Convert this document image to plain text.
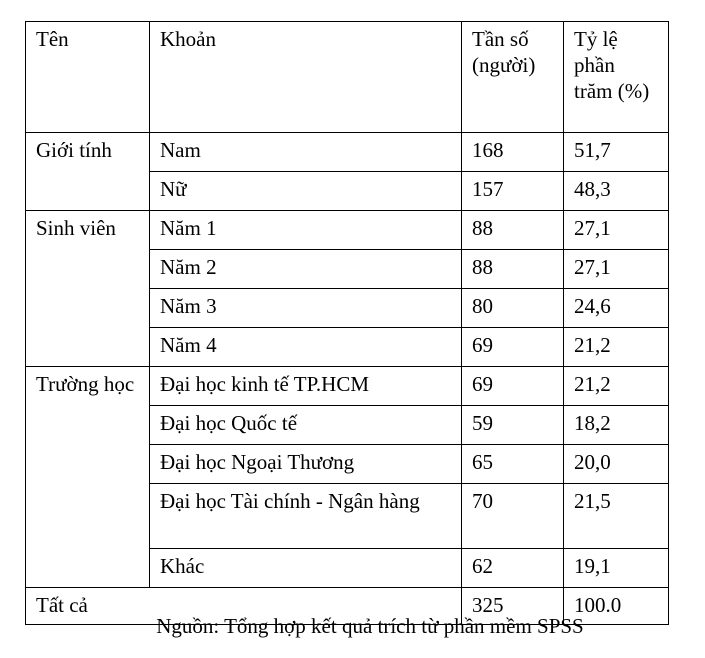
Tên	Khoản	Tần số (người)	Tỷ lệ phần trăm (%)
Giới tính	Nam	168	51,7
	Nữ	157	48,3
Sinh viên	Năm 1	88	27,1
	Năm 2	88	27,1
	Năm 3	80	24,6
	Năm 4	69	21,2
Trường học	Đại học kinh tế TP.HCM	69	21,2
	Đại học Quốc tế	59	18,2
	Đại học Ngoại Thương	65	20,0
	Đại học Tài chính - Ngân hàng	70	21,5
	Khác	62	19,1
Tất cả		325	100.0
Nguồn: Tổng hợp kết quả trích từ phần mềm SPSS
